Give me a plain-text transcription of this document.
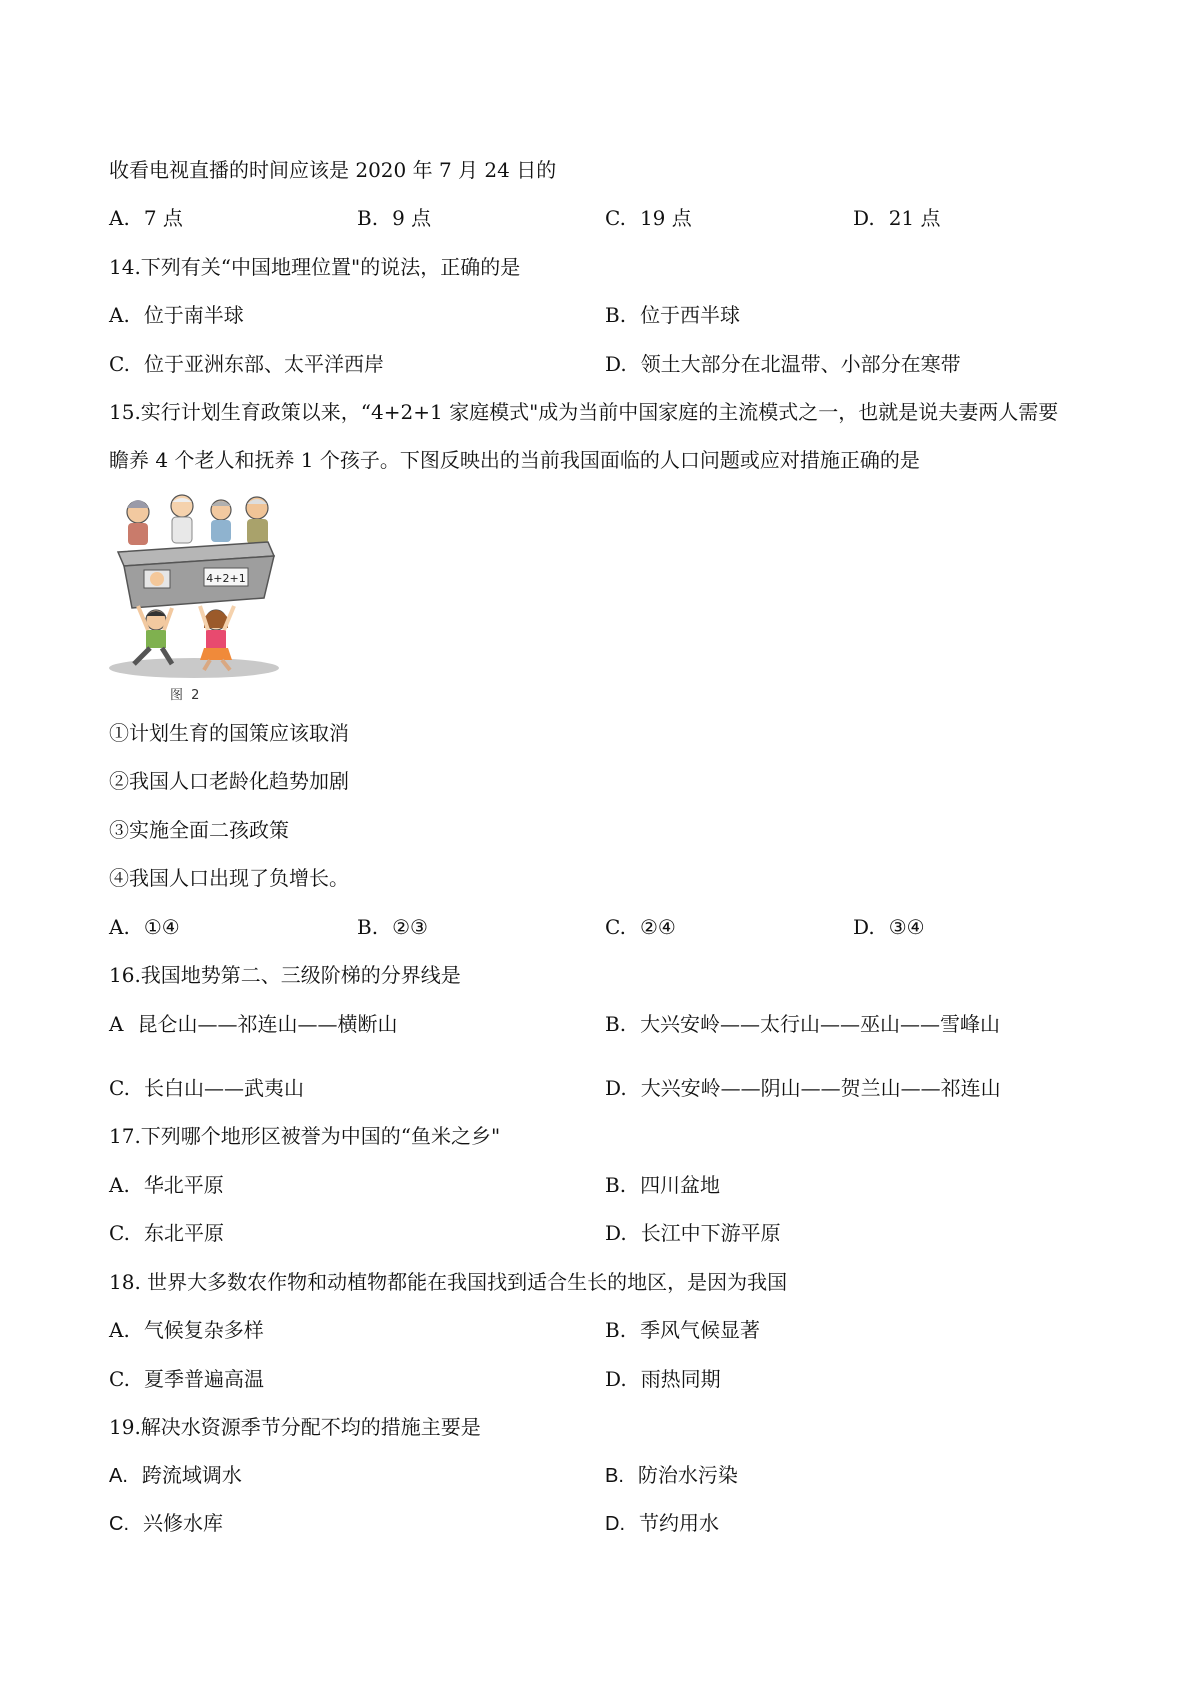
收看电视直播的时间应该是 2020 年 7 月 24 日的
A. 7 点	B. 9 点	C. 19 点	D. 21 点
14.下列有关“中国地理位置"的说法，正确的是
A. 位于南半球	B. 位于西半球
C. 位于亚洲东部、太平洋西岸	D. 领土大部分在北温带、小部分在寒带
15.实行计划生育政策以来，“4+2+1 家庭模式"成为当前中国家庭的主流模式之一，也就是说夫妻两人需要
瞻养 4 个老人和抚养 1 个孩子。下图反映出的当前我国面临的人口问题或应对措施正确的是
4+2+1
图 2
①计划生育的国策应该取消
②我国人口老龄化趋势加剧
③实施全面二孩政策
④我国人口出现了负增长。
A. ①④	B. ②③	C. ②④	D. ③④
16.我国地势第二、三级阶梯的分界线是
A 昆仑山——祁连山——横断山	B. 大兴安岭——太行山——巫山——雪峰山
C. 长白山——武夷山	D. 大兴安岭——阴山——贺兰山——祁连山
17.下列哪个地形区被誉为中国的“鱼米之乡"
A. 华北平原	B. 四川盆地
C. 东北平原	D. 长江中下游平原
18. 世界大多数农作物和动植物都能在我国找到适合生长的地区，是因为我国
A. 气候复杂多样	B. 季风气候显著
C. 夏季普遍高温	D. 雨热同期
19.解决水资源季节分配不均的措施主要是
A. 跨流域调水	B. 防治水污染
C. 兴修水库	D. 节约用水
